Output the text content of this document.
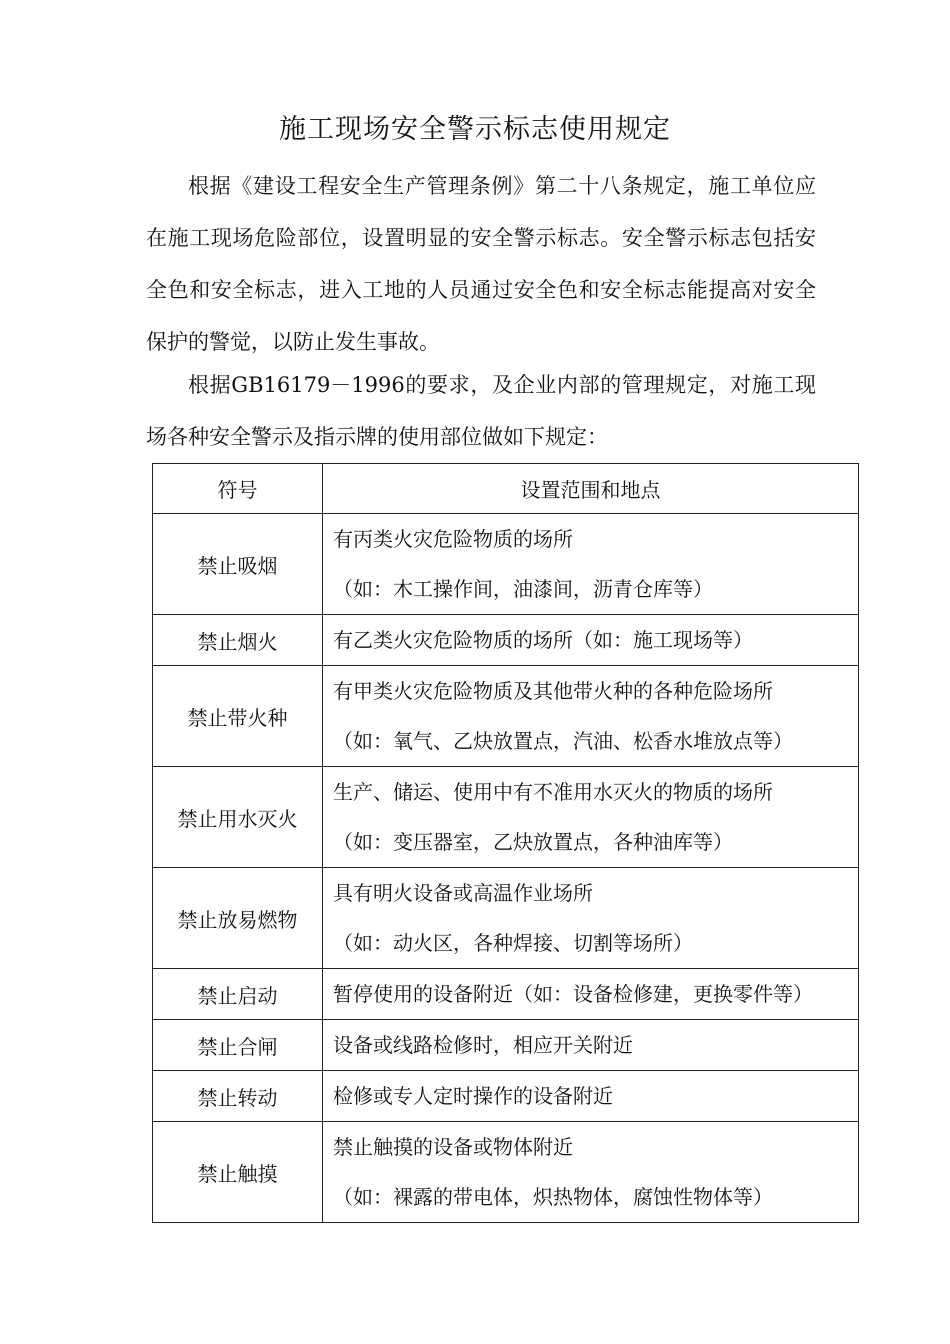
施工现场安全警示标志使用规定

根据《建设工程安全生产管理条例》第二十八条规定，施工单位应在施工现场危险部位，设置明显的安全警示标志。安全警示标志包括安全色和安全标志，进入工地的人员通过安全色和安全标志能提高对安全保护的警觉，以防止发生事故。

根据GB16179－1996的要求，及企业内部的管理规定，对施工现场各种安全警示及指示牌的使用部位做如下规定：

符号	设置范围和地点
禁止吸烟	有丙类火灾危险物质的场所
（如：木工操作间，油漆间，沥青仓库等）

禁止烟火	有乙类火灾危险物质的场所（如：施工现场等）

禁止带火种	有甲类火灾危险物质及其他带火种的各种危险场所
（如：氧气、乙炔放置点，汽油、松香水堆放点等）

禁止用水灭火	生产、储运、使用中有不准用水灭火的物质的场所
（如：变压器室，乙炔放置点，各种油库等）

禁止放易燃物	具有明火设备或高温作业场所
（如：动火区，各种焊接、切割等场所）

禁止启动	暂停使用的设备附近（如：设备检修建，更换零件等）

禁止合闸	设备或线路检修时，相应开关附近

禁止转动	检修或专人定时操作的设备附近

禁止触摸	禁止触摸的设备或物体附近
（如：裸露的带电体，炽热物体，腐蚀性物体等）
